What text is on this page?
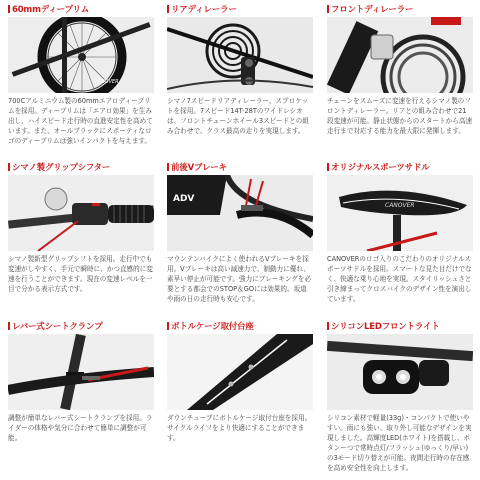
60mmディープリム
CANOVER
700Cアルミニウム製の60mmエアロディープリムを採用。ディープリムは「エアロ効果」を生み出し、ハイスピード走行時の直進安定性を高めています。また、オールブラックにスポーティなロゴのディープリムは強いインパクトを与えます。
リアディレーラー
シマノ7スピードリアディレーラー、スプロケットを採用。7スピード14T-28Tのワイドレシオは、フロントチェーンホイール3スピードとの組み合わせで、クラス最高の走りを実現します。
フロントディレーラー
チェーンをスムーズに変速を行えるシマノ製のフロントディレーラー。リアとの組み合わせで21段変速が可能。静止状態からのスタートから高速走行まで対応する能力を最大限に発揮します。
シマノ製グリップシフター
シマノ製新型グリップシフトを採用。走行中でも変速がしやすく、手元で瞬時に、かつ直感的に変速を行うことができます。現在の変速レベルを一目で分かる表示方式です。
前後Vブレーキ
ADV
マウンテンバイクによく使われるVブレーキを採用。Vブレーキは高い減速力で、制動力に優れ、素早い停止が可能です。強力にブレーキングを必要とする都会でのSTOP＆GOには効果的。坂道や雨の日の走行時も安心です。
オリジナルスポーツサドル
CANOVER
CANOVERのロゴ入りのこだわりのオリジナルスポーツサドルを採用。スマートな見た目だけでなく、快適な乗り心地を実現。スタイリッシュさと引き締まってクロスバイクのデザイン性を演出しています。
レバー式シートクランプ
調整が簡単なレバー式シートクランプを採用。ライダーの体格や気分に合わせて簡単に調整が可能。
ボトルケージ取付台座
ダウンチューブにボトルケージ取付台座を採用。サイクルライフをより快適にすることができます。
シリコンLEDフロントライト
シリコン素材で軽量(33g)・コンパクトで使いやすい。雨にも強い、取り外し可能なデザインを実現しました。高輝度LED(ホワイト)を搭載し、ボタンーつで常時点灯/フラッシュ(ゆっくり/早い)の3モード切り替えが可能。夜間走行時の存在感を高め安全性を向上します。
